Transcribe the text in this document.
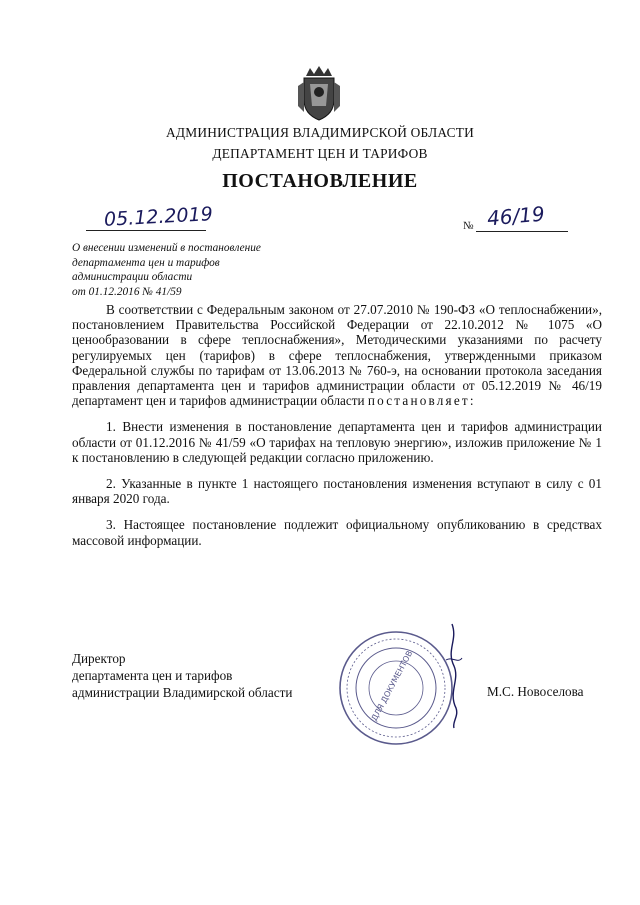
АДМИНИСТРАЦИЯ ВЛАДИМИРСКОЙ ОБЛАСТИ
ДЕПАРТАМЕНТ ЦЕН И ТАРИФОВ
ПОСТАНОВЛЕНИЕ
05.12.2019	№ 46/19
О внесении изменений в постановление
департамента цен и тарифов
администрации области
от 01.12.2016 № 41/59

В соответствии с Федеральным законом от 27.07.2010 № 190-ФЗ «О теплоснабжении», постановлением Правительства Российской Федерации от 22.10.2012 № 1075 «О ценообразовании в сфере теплоснабжения», Методическими указаниями по расчету регулируемых цен (тарифов) в сфере теплоснабжения, утвержденными приказом Федеральной службы по тарифам от 13.06.2013 № 760-э, на основании протокола заседания правления департамента цен и тарифов администрации области от 05.12.2019 № 46/19 департамент цен и тарифов администрации области постановляет:

1. Внести изменения в постановление департамента цен и тарифов администрации области от 01.12.2016 № 41/59 «О тарифах на тепловую энергию», изложив приложение № 1 к постановлению в следующей редакции согласно приложению.

2. Указанные в пункте 1 настоящего постановления изменения вступают в силу с 01 января 2020 года.

3. Настоящее постановление подлежит официальному опубликованию в средствах массовой информации.

Директор
департамента цен и тарифов
администрации Владимирской области	ДЛЯ ДОКУМЕНТОВ	М.С. Новоселова
